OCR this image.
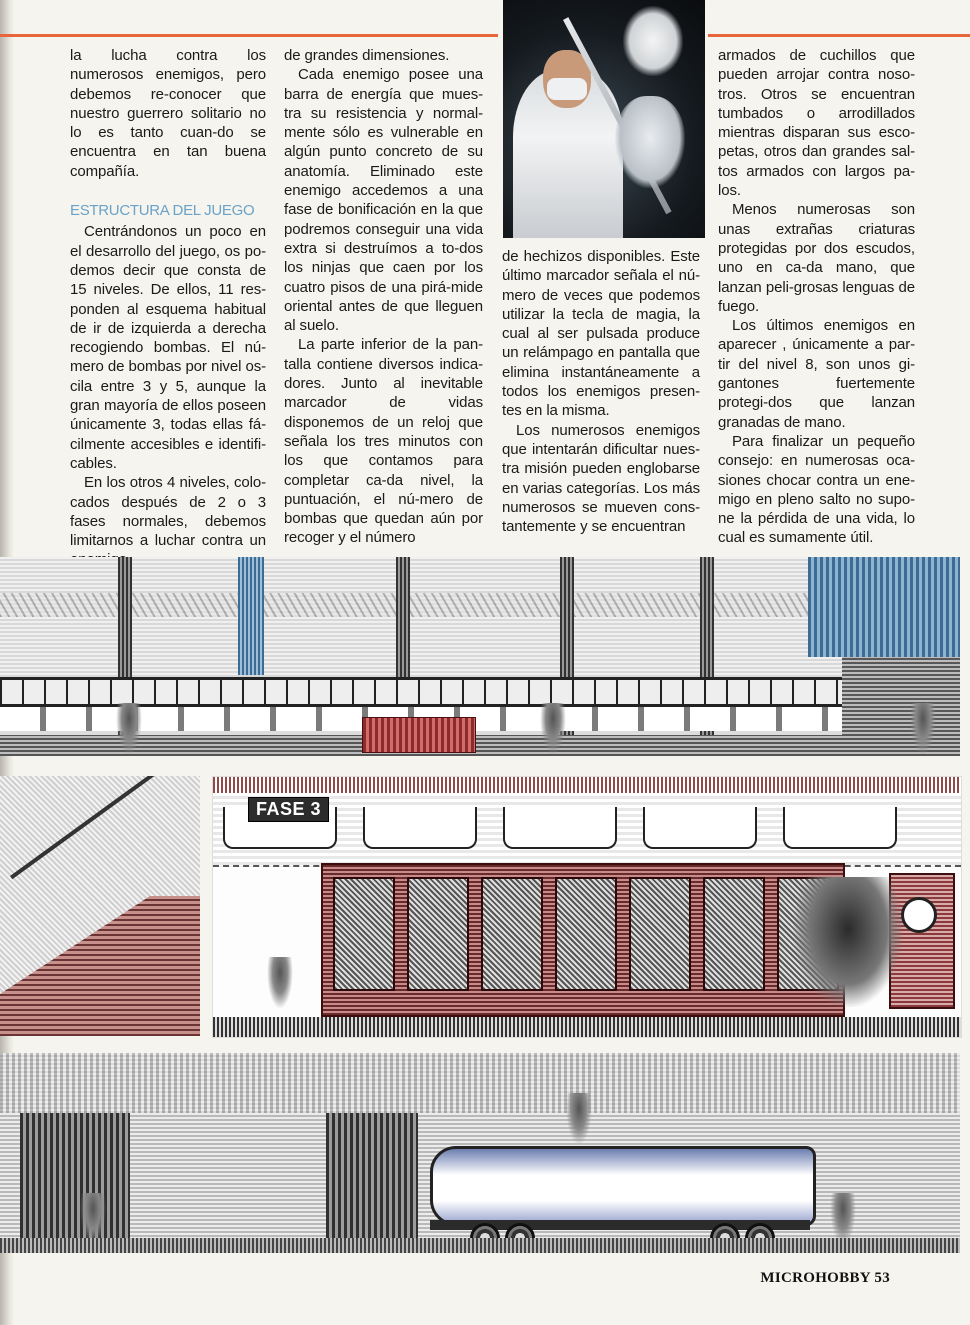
la lucha contra los numerosos enemigos, pero debemos re-conocer que nuestro guerrero solitario no lo es tanto cuan-do se encuentra en tan buena compañía.

ESTRUCTURA DEL JUEGO

Centrándonos un poco en el desarrollo del juego, os po-demos decir que consta de 15 niveles. De ellos, 11 res-ponden al esquema habitual de ir de izquierda a derecha recogiendo bombas. El nú-mero de bombas por nivel os-cila entre 3 y 5, aunque la gran mayoría de ellos poseen únicamente 3, todas ellas fá-cilmente accesibles e identifi-cables.

En los otros 4 niveles, colo-cados después de 2 o 3 fases normales, debemos limitarnos a luchar contra un

de grandes dimensiones.

Cada enemigo posee una barra de energía que mues-tra su resistencia y normal-mente sólo es vulnerable en algún punto concreto de su anatomía. Eliminado este enemigo accedemos a una fase de bonificación en la que podremos conseguir una vida extra si destruímos a to-dos los ninjas que caen por los cuatro pisos de una pirá-mide oriental antes de que lleguen al suelo.

La parte inferior de la pan-talla contiene diversos indica-dores. Junto al inevitable marcador de vidas disponemos de un reloj que señala los tres minutos con los que contamos para completar ca-da nivel, la puntuación, el nú-mero de bombas que quedan aún por recoger y el número

de hechizos disponibles. Este último marcador señala el nú-mero de veces que podemos utilizar la tecla de magia, la cual al ser pulsada produce un relámpago en pantalla que elimina instantáneamente a todos los enemigos presen-tes en la misma.

Los numerosos enemigos que intentarán dificultar nues-tra misión pueden englobarse en varias categorías. Los más numerosos se mueven cons-tantemente y se encuentran

armados de cuchillos que pueden arrojar contra noso-tros. Otros se encuentran tumbados o arrodillados mientras disparan sus esco-petas, otros dan grandes sal-tos armados con largos pa-los.

Menos numerosas son unas extrañas criaturas protegidas por dos escudos, uno en ca-da mano, que lanzan peli-grosas lenguas de fuego.

Los últimos enemigos en aparecer , únicamente a par-tir del nivel 8, son unos gi-gantones fuertemente protegi-dos que lanzan granadas de mano.

Para finalizar un pequeño consejo: en numerosas oca-siones chocar contra un ene-migo en pleno salto no supo-ne la pérdida de una vida, lo cual es sumamente útil.

FASE 3
MICROHOBBY 53
